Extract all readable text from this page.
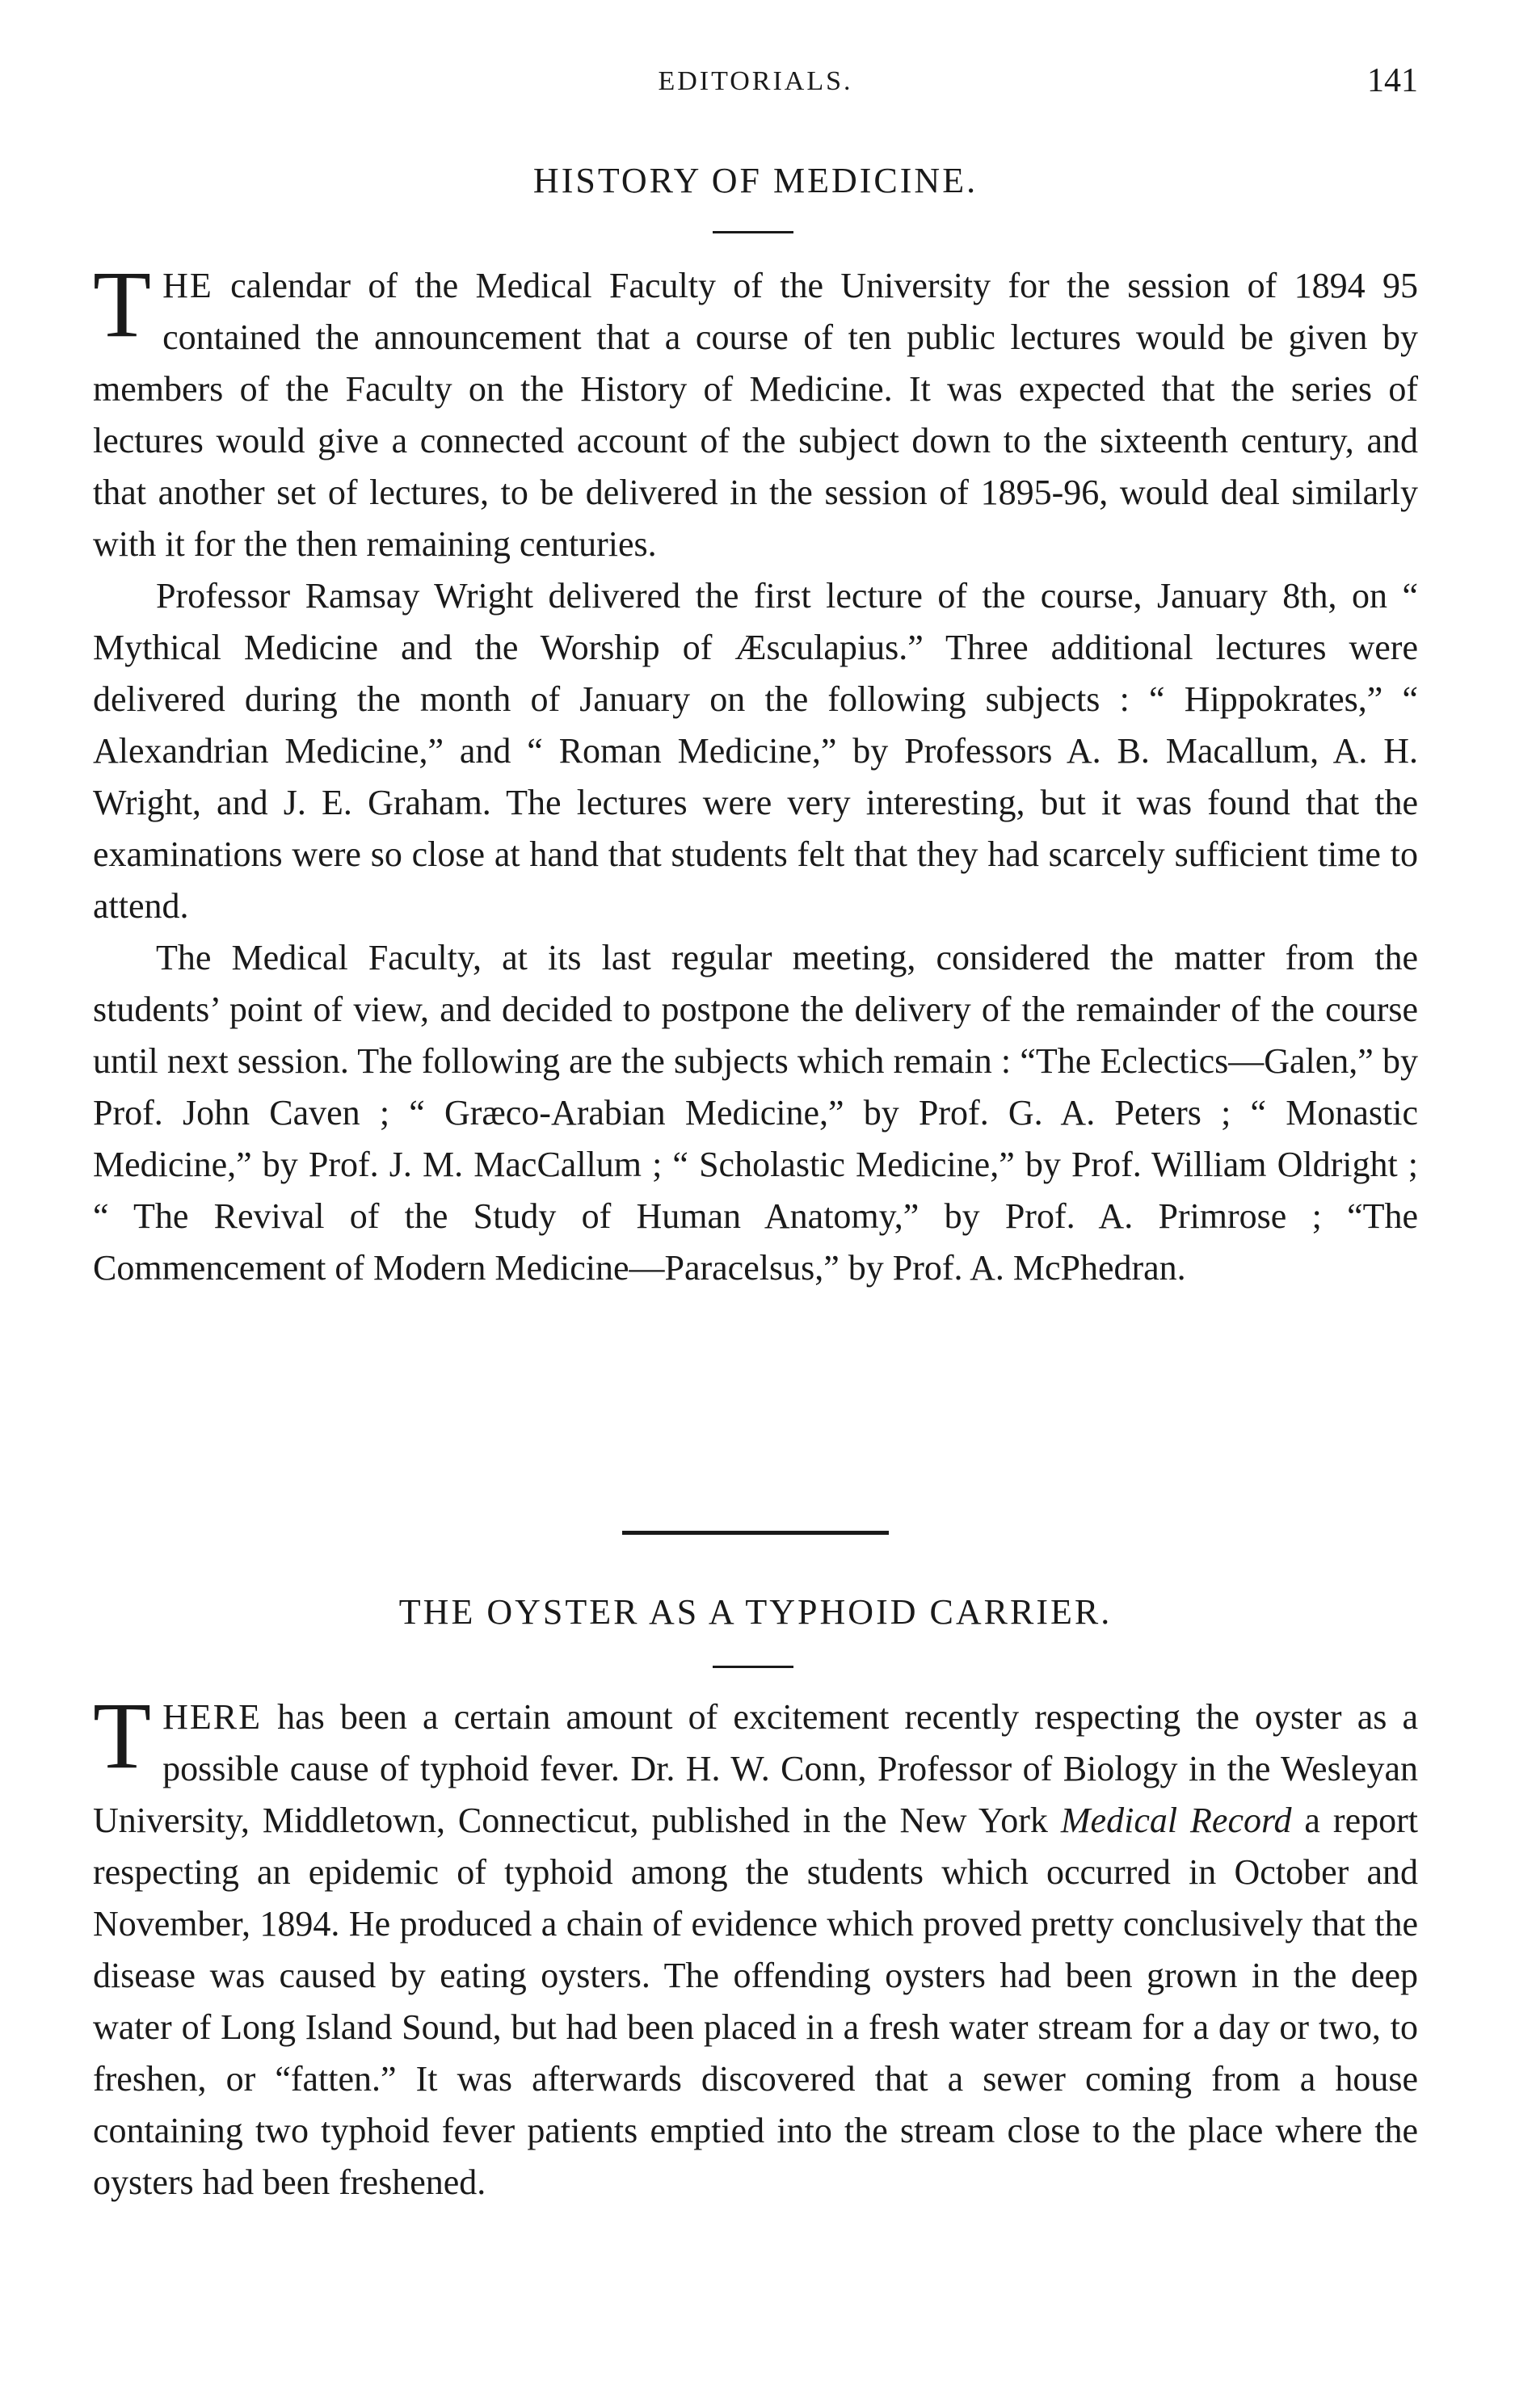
EDITORIALS.	141
HISTORY OF MEDICINE.

THE calendar of the Medical Faculty of the University for the session of 1894 95 contained the announcement that a course of ten public lectures would be given by members of the Faculty on the History of Medicine. It was expected that the series of lectures would give a connected account of the subject down to the sixteenth century, and that another set of lectures, to be delivered in the session of 1895-96, would deal similarly with it for the then remaining centuries.

Professor Ramsay Wright delivered the first lecture of the course, January 8th, on “ Mythical Medicine and the Worship of Æsculapius.” Three additional lectures were delivered during the month of January on the following subjects : “ Hippokrates,” “ Alexandrian Medicine,” and “ Roman Medicine,” by Professors A. B. Macallum, A. H. Wright, and J. E. Graham. The lectures were very interesting, but it was found that the examinations were so close at hand that students felt that they had scarcely sufficient time to attend.

The Medical Faculty, at its last regular meeting, considered the matter from the students’ point of view, and decided to postpone the delivery of the remainder of the course until next session. The following are the subjects which remain : “The Eclectics—Galen,” by Prof. John Caven ; “ Græco-Arabian Medicine,” by Prof. G. A. Peters ; “ Monastic Medicine,” by Prof. J. M. MacCallum ; “ Scholastic Medicine,” by Prof. William Oldright ; “ The Revival of the Study of Human Anatomy,” by Prof. A. Primrose ; “The Commencement of Modern Medicine—Paracelsus,” by Prof. A. McPhedran.

THE OYSTER AS A TYPHOID CARRIER.

THERE has been a certain amount of excitement recently respecting the oyster as a possible cause of typhoid fever. Dr. H. W. Conn, Professor of Biology in the Wesleyan University, Middletown, Connecticut, published in the New York Medical Record a report respecting an epidemic of typhoid among the students which occurred in October and November, 1894. He produced a chain of evidence which proved pretty conclusively that the disease was caused by eating oysters. The offending oysters had been grown in the deep water of Long Island Sound, but had been placed in a fresh water stream for a day or two, to freshen, or “fatten.” It was afterwards discovered that a sewer coming from a house containing two typhoid fever patients emptied into the stream close to the place where the oysters had been freshened.
